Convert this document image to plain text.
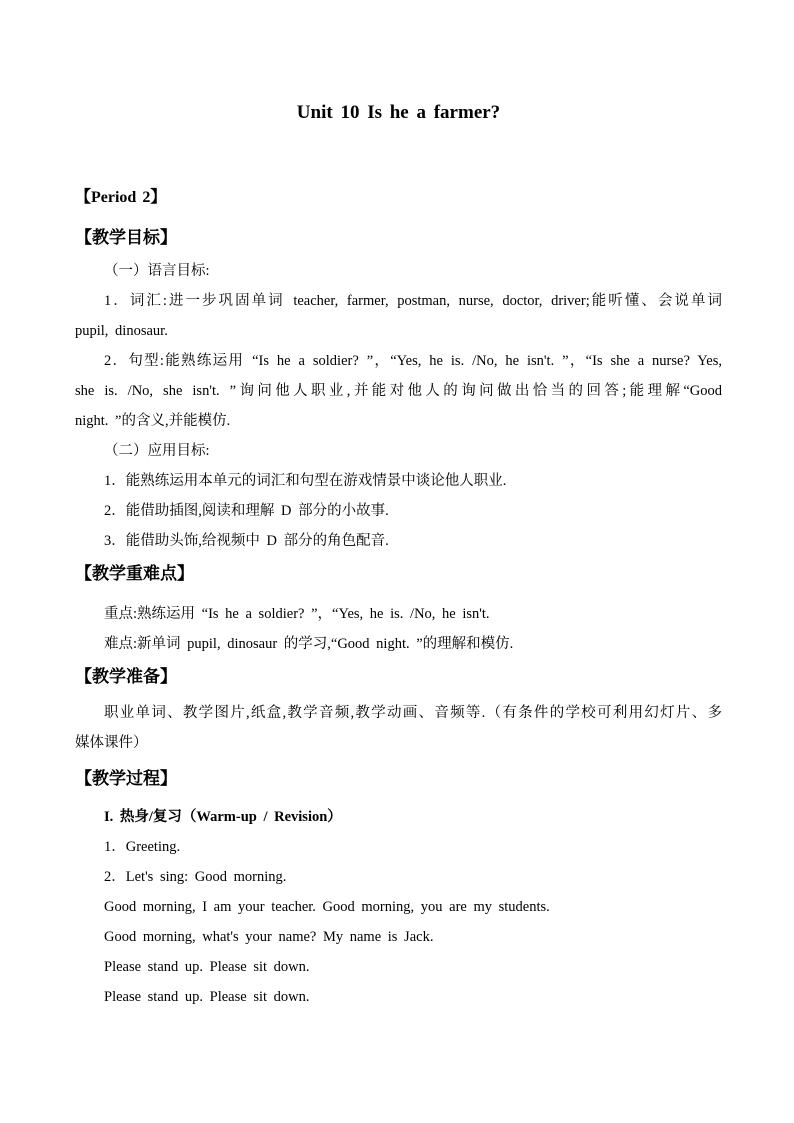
Unit 10 Is he a farmer?

【Period 2】

【教学目标】

（一）语言目标:

1．词汇:进一步巩固单词 teacher, farmer, postman, nurse, doctor, driver;能听懂、会说单词

pupil, dinosaur.

2．句型:能熟练运用 “Is he a soldier? ”，“Yes, he is. /No, he isn't. ”，“Is she a nurse? Yes,

she is. /No, she isn't. ”询问他人职业,并能对他人的询问做出恰当的回答;能理解“Good

night. ”的含义,并能模仿.

（二）应用目标:

1．能熟练运用本单元的词汇和句型在游戏情景中谈论他人职业.

2．能借助插图,阅读和理解 D 部分的小故事.

3．能借助头饰,给视频中 D 部分的角色配音.

【教学重难点】

重点:熟练运用 “Is he a soldier? ”，“Yes, he is. /No, he isn't.

难点:新单词 pupil, dinosaur 的学习,“Good night. ”的理解和模仿.

【教学准备】

职业单词、教学图片,纸盒,教学音频,教学动画、音频等.（有条件的学校可利用幻灯片、多

媒体课件）

【教学过程】

I. 热身/复习（Warm-up / Revision）

1．Greeting.

2．Let's sing: Good morning.

Good morning, I am your teacher. Good morning, you are my students.

Good morning, what's your name? My name is Jack.

Please stand up. Please sit down.

Please stand up. Please sit down.
